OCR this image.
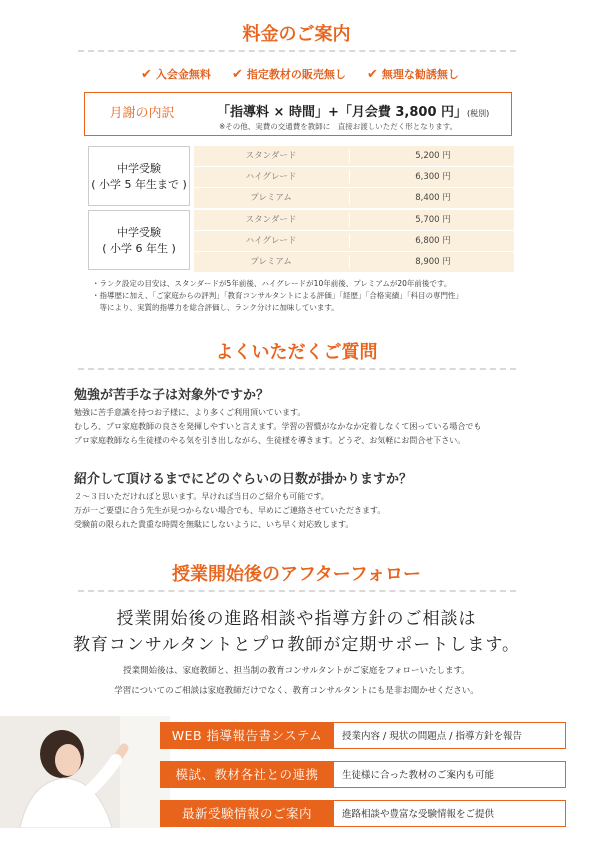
料金のご案内
✔ 入会金無料 ✔ 指定教材の販売無し ✔ 無理な勧誘無し
月謝の内訳	「指導料 × 時間」+「月会費 3,800 円」(税別)
※その他、実費の交通費を教師に　直接お渡しいただく形となります。
中学受験
( 小学 5 年生まで )
スタンダード	5,200 円
ハイグレード	6,300 円
プレミアム	8,400 円
中学受験
( 小学 6 年生 )
スタンダード	5,700 円
ハイグレード	6,800 円
プレミアム	8,900 円
・ランク設定の目安は、スタンダードが5年前後、ハイグレードが10年前後、プレミアムが20年前後です。
・指導歴に加え、「ご家庭からの評判」「教育コンサルタントによる評価」「経歴」「合格実績」「科目の専門性」
　等により、実質的指導力を総合評価し、ランク分けに加味しています。
よくいただくご質問
勉強が苦手な子は対象外ですか？
勉強に苦手意識を持つお子様に、より多くご利用頂いています。
むしろ、プロ家庭教師の良さを発揮しやすいと言えます。学習の習慣がなかなか定着しなくて困っている場合でも
プロ家庭教師なら生徒様のやる気を引き出しながら、生徒様を導きます。どうぞ、お気軽にお問合せ下さい。
紹介して頂けるまでにどのぐらいの日数が掛かりますか？
２～３日いただければと思います。早ければ当日のご紹介も可能です。
万が一ご要望に合う先生が見つからない場合でも、早めにご連絡させていただきます。
受験前の限られた貴重な時間を無駄にしないように、いち早く対応致します。
授業開始後のアフターフォロー
授業開始後の進路相談や指導方針のご相談は
教育コンサルタントとプロ教師が定期サポートします。
授業開始後は、家庭教師と、担当制の教育コンサルタントがご家庭をフォローいたします。
学習についてのご相談は家庭教師だけでなく、教育コンサルタントにも是非お聞かせください。
WEB 指導報告書システム	授業内容 / 現状の問題点 / 指導方針を報告
模試、教材各社との連携	生徒様に合った教材のご案内も可能
最新受験情報のご案内	進路相談や豊富な受験情報をご提供
